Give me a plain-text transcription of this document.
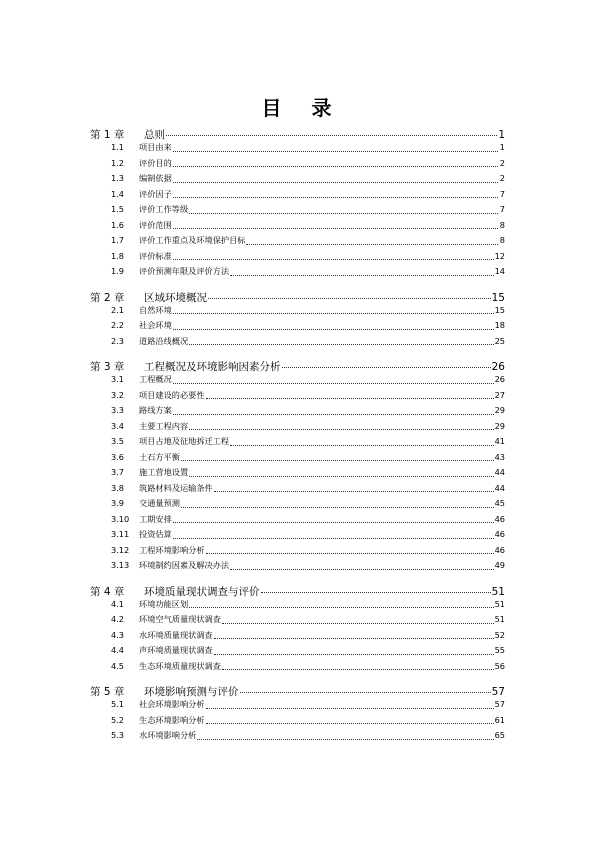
目 录
第 1 章	总则	1
1.1	项目由来	1
1.2	评价目的	2
1.3	编制依据	2
1.4	评价因子	7
1.5	评价工作等级	7
1.6	评价范围	8
1.7	评价工作重点及环境保护目标	8
1.8	评价标准	12
1.9	评价预测年限及评价方法	14
第 2 章	区域环境概况	15
2.1	自然环境	15
2.2	社会环境	18
2.3	道路沿线概况	25
第 3 章	工程概况及环境影响因素分析	26
3.1	工程概况	26
3.2	项目建设的必要性	27
3.3	路线方案	29
3.4	主要工程内容	29
3.5	项目占地及征地拆迁工程	41
3.6	土石方平衡	43
3.7	施工营地设置	44
3.8	筑路材料及运输条件	44
3.9	交通量预测	45
3.10	工期安排	46
3.11	投资估算	46
3.12	工程环境影响分析	46
3.13	环境制约因素及解决办法	49
第 4 章	环境质量现状调查与评价	51
4.1	环境功能区划	51
4.2	环境空气质量现状调查	51
4.3	水环境质量现状调查	52
4.4	声环境质量现状调查	55
4.5	生态环境质量现状调查	56
第 5 章	环境影响预测与评价	57
5.1	社会环境影响分析	57
5.2	生态环境影响分析	61
5.3	水环境影响分析	65
